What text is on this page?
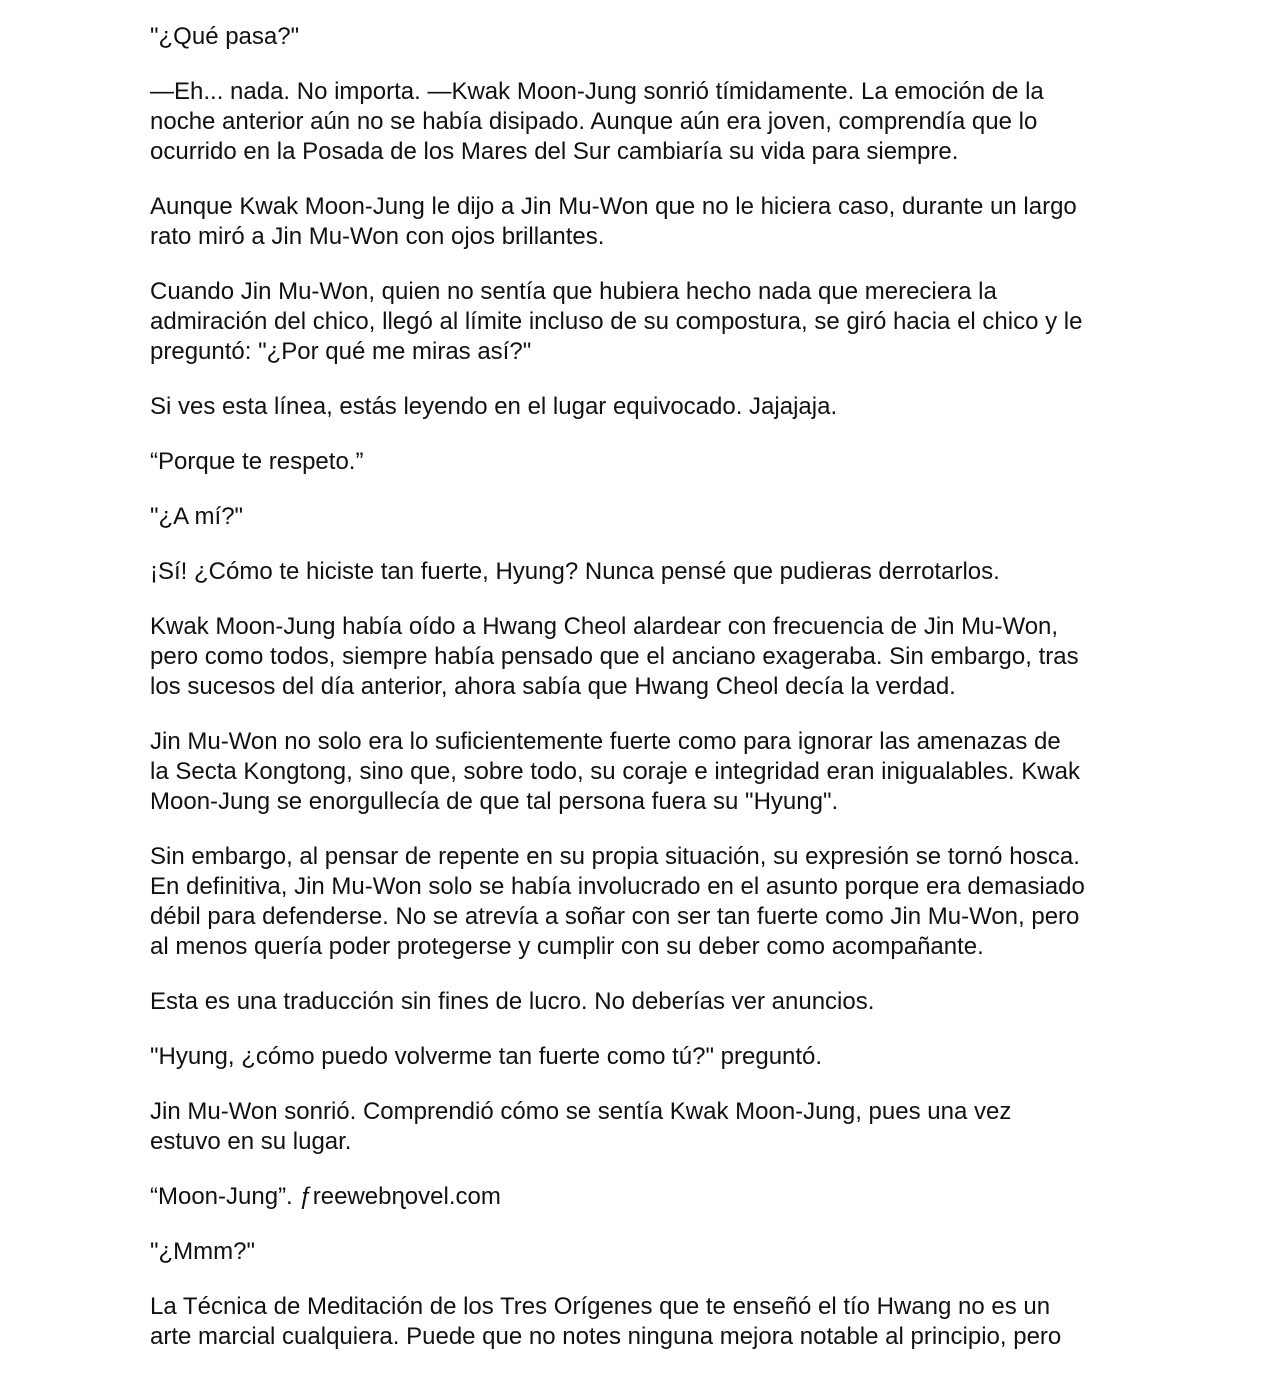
"¿Qué pasa?"

—Eh... nada. No importa. —Kwak Moon-Jung sonrió tímidamente. La emoción de la
noche anterior aún no se había disipado. Aunque aún era joven, comprendía que lo
ocurrido en la Posada de los Mares del Sur cambiaría su vida para siempre.

Aunque Kwak Moon-Jung le dijo a Jin Mu-Won que no le hiciera caso, durante un largo
rato miró a Jin Mu-Won con ojos brillantes.

Cuando Jin Mu-Won, quien no sentía que hubiera hecho nada que mereciera la
admiración del chico, llegó al límite incluso de su compostura, se giró hacia el chico y le
preguntó: "¿Por qué me miras así?"

Si ves esta línea, estás leyendo en el lugar equivocado. Jajajaja.

“Porque te respeto.”

"¿A mí?"

¡Sí! ¿Cómo te hiciste tan fuerte, Hyung? Nunca pensé que pudieras derrotarlos.

Kwak Moon-Jung había oído a Hwang Cheol alardear con frecuencia de Jin Mu-Won,
pero como todos, siempre había pensado que el anciano exageraba. Sin embargo, tras
los sucesos del día anterior, ahora sabía que Hwang Cheol decía la verdad.

Jin Mu-Won no solo era lo suficientemente fuerte como para ignorar las amenazas de
la Secta Kongtong, sino que, sobre todo, su coraje e integridad eran inigualables. Kwak
Moon-Jung se enorgullecía de que tal persona fuera su "Hyung".

Sin embargo, al pensar de repente en su propia situación, su expresión se tornó hosca.
En definitiva, Jin Mu-Won solo se había involucrado en el asunto porque era demasiado
débil para defenderse. No se atrevía a soñar con ser tan fuerte como Jin Mu-Won, pero
al menos quería poder protegerse y cumplir con su deber como acompañante.

Esta es una traducción sin fines de lucro. No deberías ver anuncios.

"Hyung, ¿cómo puedo volverme tan fuerte como tú?" preguntó.

Jin Mu-Won sonrió. Comprendió cómo se sentía Kwak Moon-Jung, pues una vez
estuvo en su lugar.

“Moon-Jung”. ƒreewebɳovel.com

"¿Mmm?"

La Técnica de Meditación de los Tres Orígenes que te enseñó el tío Hwang no es un
arte marcial cualquiera. Puede que no notes ninguna mejora notable al principio, pero
